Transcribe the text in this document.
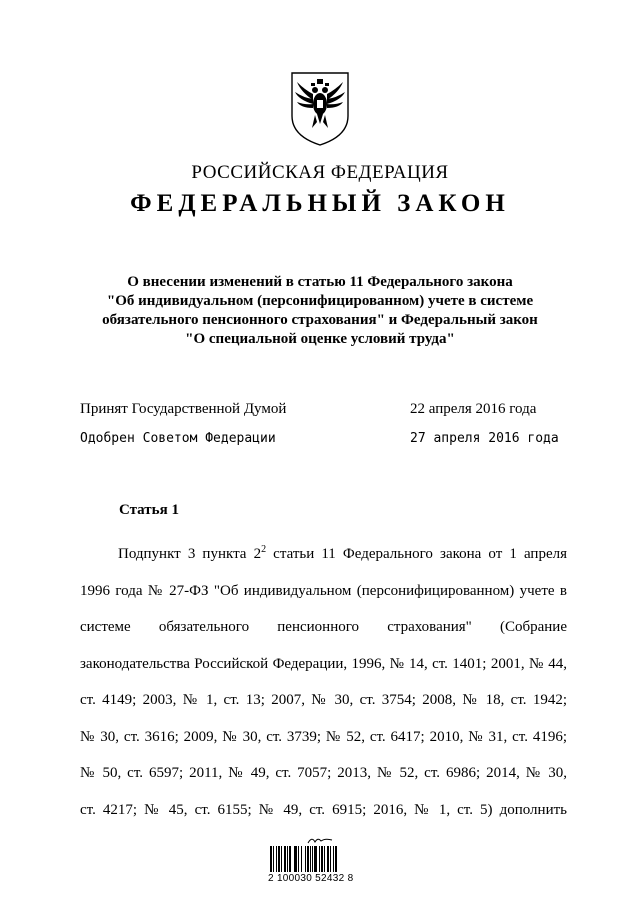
РОССИЙСКАЯ ФЕДЕРАЦИЯ
ФЕДЕРАЛЬНЫЙ ЗАКОН
О внесении изменений в статью 11 Федерального закона
"Об индивидуальном (персонифицированном) учете в системе
обязательного пенсионного страхования" и Федеральный закон
"О специальной оценке условий труда"
Принят Государственной Думой	22 апреля 2016 года
Одобрен Советом Федерации	27 апреля 2016 года
Статья 1
Подпункт 3 пункта $2^2$ статьи 11 Федерального закона от 1 апреля
1996 года № 27-ФЗ "Об индивидуальном (персонифицированном) учете в
системе обязательного пенсионного страхования" (Собрание
законодательства Российской Федерации, 1996, № 14, ст. 1401; 2001, № 44,
ст. 4149; 2003, № 1, ст. 13; 2007, № 30, ст. 3754; 2008, № 18, ст. 1942;
№ 30, ст. 3616; 2009, № 30, ст. 3739; № 52, ст. 6417; 2010, № 31, ст. 4196;
№ 50, ст. 6597; 2011, № 49, ст. 7057; 2013, № 52, ст. 6986; 2014, № 30,
ст. 4217; № 45, ст. 6155; № 49, ст. 6915; 2016, № 1, ст. 5) дополнить
2 100030 52432 8
